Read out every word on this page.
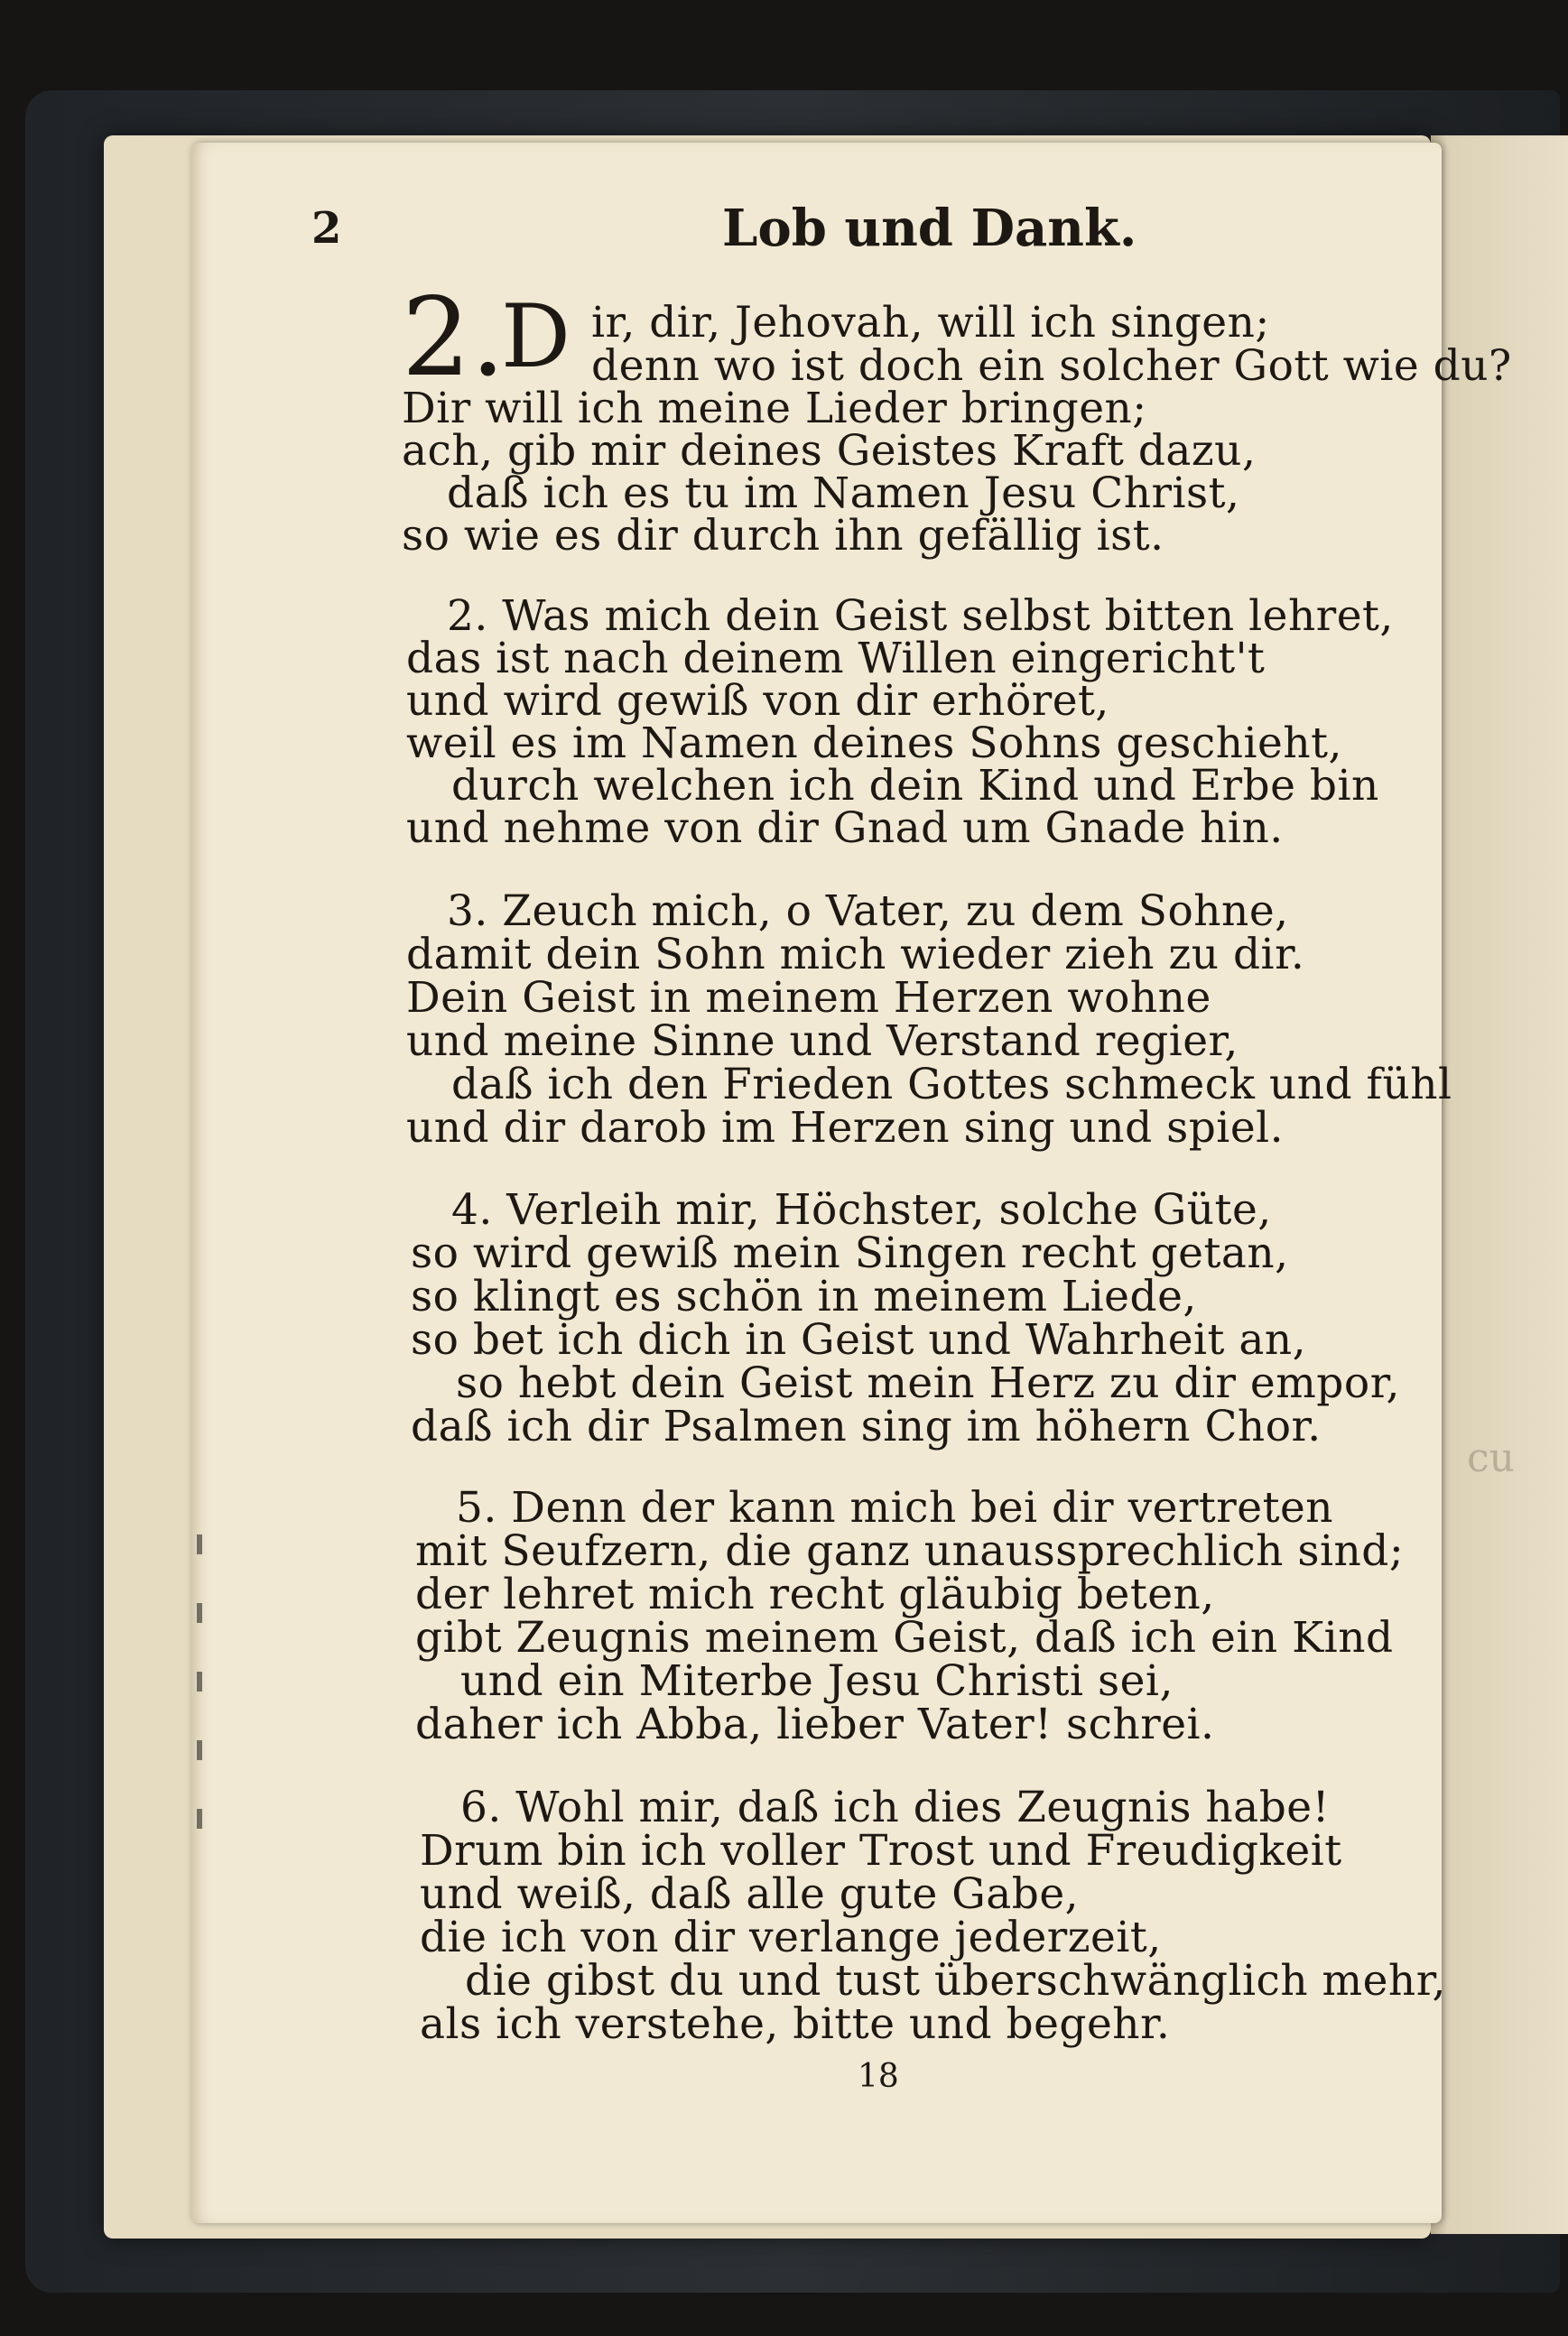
cu
2	Lob und Dank.
2.
D ir, dir, Jehovah, will ich singen;
denn wo ist doch ein solcher Gott wie du?
Dir will ich meine Lieder bringen;
ach, gib mir deines Geistes Kraft dazu,
daß ich es tu im Namen Jesu Christ,
so wie es dir durch ihn gefällig ist.
2. Was mich dein Geist selbst bitten lehret,
das ist nach deinem Willen eingericht't
und wird gewiß von dir erhöret,
weil es im Namen deines Sohns geschieht,
durch welchen ich dein Kind und Erbe bin
und nehme von dir Gnad um Gnade hin.
3. Zeuch mich, o Vater, zu dem Sohne,
damit dein Sohn mich wieder zieh zu dir.
Dein Geist in meinem Herzen wohne
und meine Sinne und Verstand regier,
daß ich den Frieden Gottes schmeck und fühl
und dir darob im Herzen sing und spiel.
4. Verleih mir, Höchster, solche Güte,
so wird gewiß mein Singen recht getan,
so klingt es schön in meinem Liede,
so bet ich dich in Geist und Wahrheit an,
so hebt dein Geist mein Herz zu dir empor,
daß ich dir Psalmen sing im höhern Chor.
5. Denn der kann mich bei dir vertreten
mit Seufzern, die ganz unaussprechlich sind;
der lehret mich recht gläubig beten,
gibt Zeugnis meinem Geist, daß ich ein Kind
und ein Miterbe Jesu Christi sei,
daher ich Abba, lieber Vater! schrei.
6. Wohl mir, daß ich dies Zeugnis habe!
Drum bin ich voller Trost und Freudigkeit
und weiß, daß alle gute Gabe,
die ich von dir verlange jederzeit,
die gibst du und tust überschwänglich mehr,
als ich verstehe, bitte und begehr.
18
